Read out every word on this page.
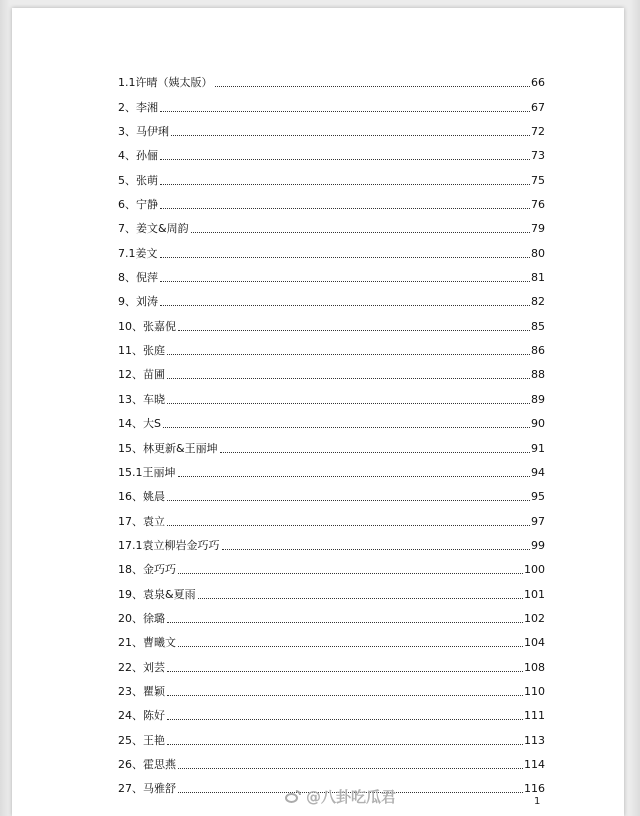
1.1许晴（姨太版）	66
2、李湘	67
3、马伊琍	72
4、孙俪	73
5、张萌	75
6、宁静	76
7、姜文&周韵	79
7.1姜文	80
8、倪萍	81
9、刘涛	82
10、张嘉倪	85
11、张庭	86
12、苗圃	88
13、车晓	89
14、大S	90
15、林更新&王丽坤	91
15.1王丽坤	94
16、姚晨	95
17、袁立	97
17.1袁立柳岩金巧巧	99
18、金巧巧	100
19、袁泉&夏雨	101
20、徐璐	102
21、曹曦文	104
22、刘芸	108
23、瞿颖	110
24、陈好	111
25、王艳	113
26、霍思燕	114
27、马雅舒	116
1
@八卦吃瓜君
